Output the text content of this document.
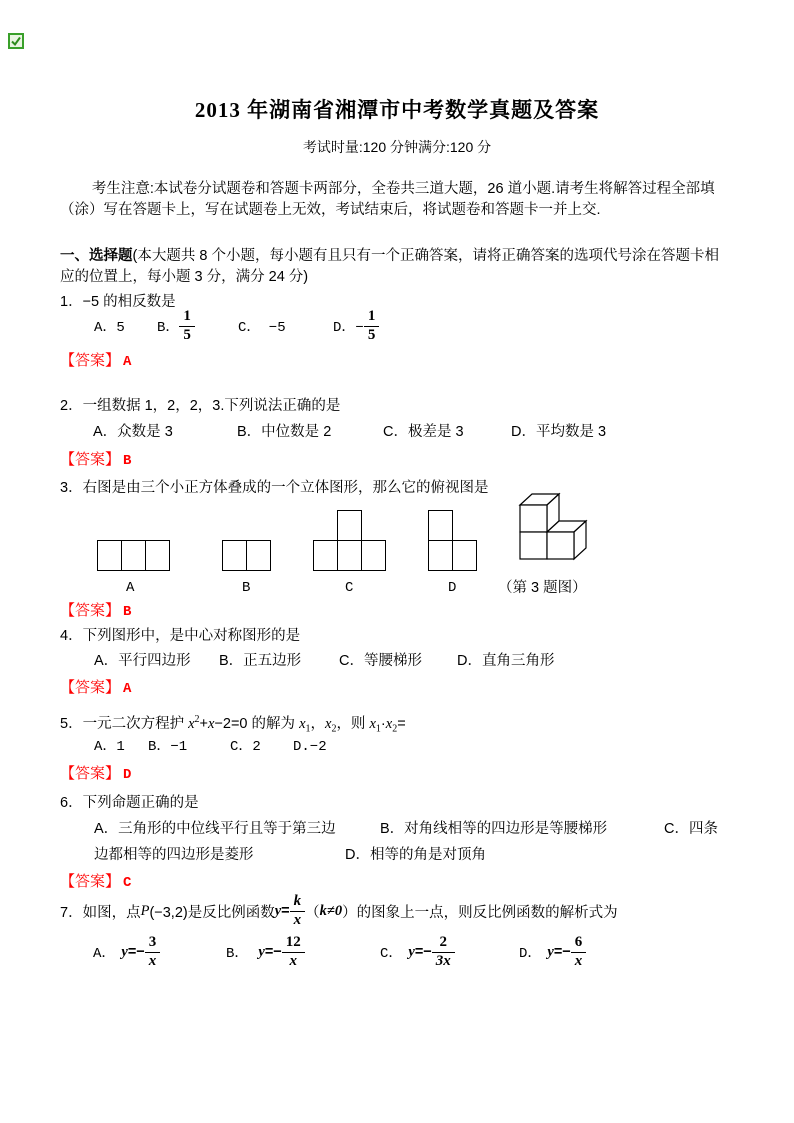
2013 年湖南省湘潭市中考数学真题及答案
考试时量:120 分钟满分:120 分
考生注意:本试卷分试题卷和答题卡两部分，全卷共三道大题，26 道小题.请考生将解答过程全部填
（涂）写在答题卡上，写在试题卷上无效，考试结束后，将试题卷和答题卡一并上交.
一、选择题(本大题共 8 个小题，每小题有且只有一个正确答案，请将正确答案的选项代号涂在答题卡相
应的位置上，每小题 3 分，满分 24 分)
1．−5 的相反数是
A．5 B． $\frac{1}{5}$	C． −5	D．− $\frac{1}{5}$
【答案】 A
2．一组数据 1，2，2，3.下列说法正确的是
A．众数是 3	B．中位数是 2	C．极差是 3	D．平均数是 3
【答案】 B
3．右图是由三个小正方体叠成的一个立体图形，那么它的俯视图是
A	B	C	D	（第 3 题图）
【答案】 B
4．下列图形中，是中心对称图形的是
A．平行四边形 B．正五边形	C．等腰梯形 D．直角三角形
【答案】 A
5．一元二次方程护 $x^2+x-2=0$ 的解为 $x_1$，$x_2$，则 $x_1\cdot x_2=$
A．1 B．−1	C．2 D.−2
【答案】 D
6．下列命题正确的是
A．三角形的中位线平行且等于第三边	B．对角线相等的四边形是等腰梯形	C．四条
边都相等的四边形是菱形	D．相等的角是对顶角
【答案】 C
7．如图，点 P (−3,2)是反比例函数 $y = \frac{k}{x}$ （ k≠0 ） 的图象上一点，则反比例函数的解析式为
A． $y =- \frac{3}{x}$	B． $y =- \frac{12}{x}$	C． $y =- \frac{2}{3x}$	D． $y =- \frac{6}{x}$
